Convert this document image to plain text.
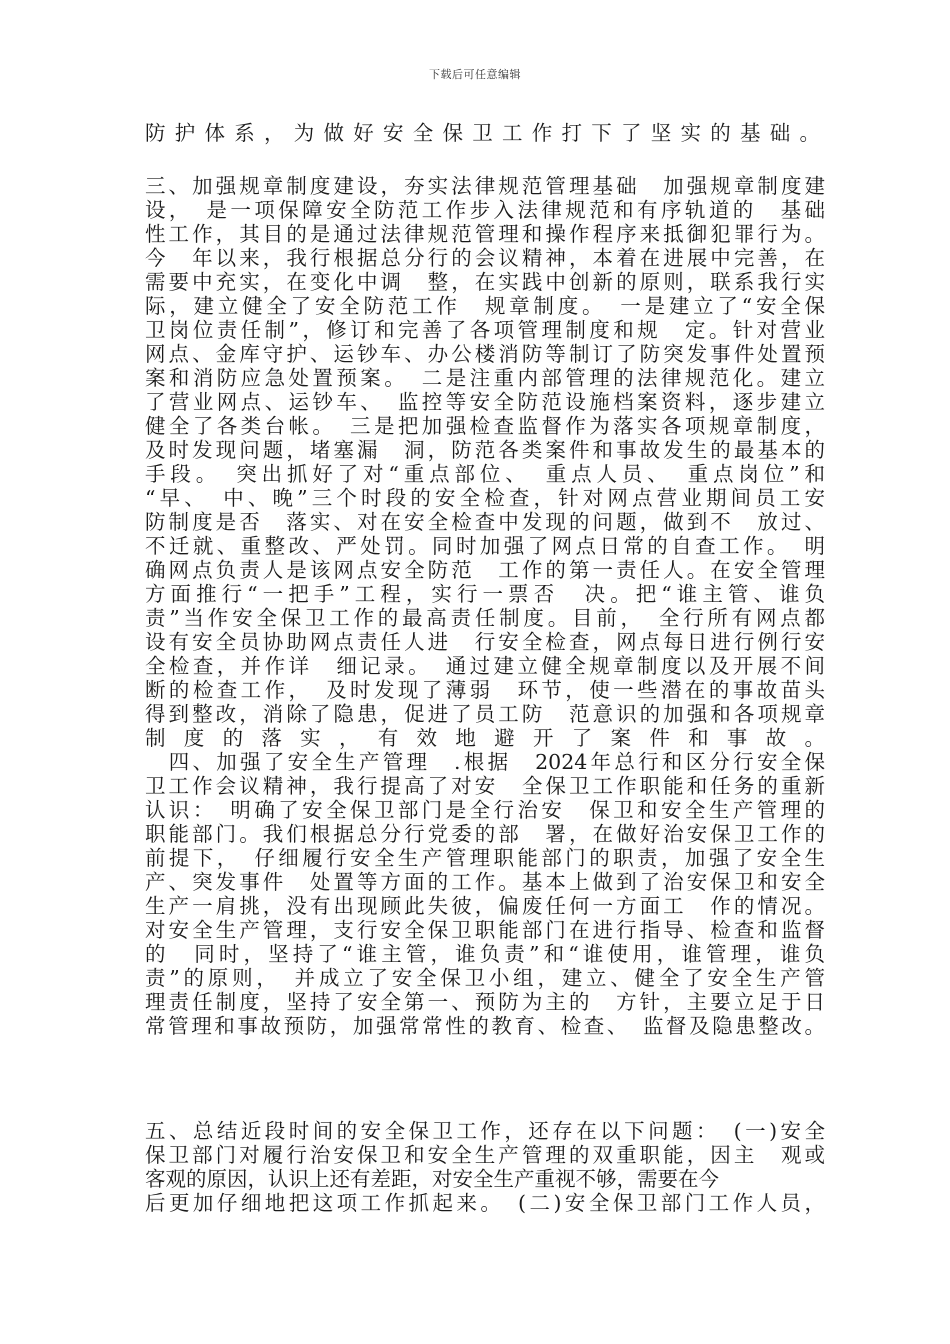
下载后可任意编辑
防护体系，为做好安全保卫工作打下了坚实的基础。
三、加强规章制度建设，夯实法律规范管理基础　加强规章制度建
设，　是一项保障安全防范工作步入法律规范和有序轨道的　基础
性工作，其目的是通过法律规范管理和操作程序来抵御犯罪行为。
今　年以来，我行根据总分行的会议精神，本着在进展中完善，在
需要中充实，在变化中调　整，在实践中创新的原则，联系我行实
际，建立健全了安全防范工作　规章制度。　一是建立了“安全保
卫岗位责任制”，修订和完善了各项管理制度和规　定。针对营业
网点、金库守护、运钞车、办公楼消防等制订了防突发事件处置预
案和消防应急处置预案。　二是注重内部管理的法律规范化。建立
了营业网点、运钞车、　监控等安全防范设施档案资料，逐步建立
健全了各类台帐。　三是把加强检查监督作为落实各项规章制度，
及时发现问题，堵塞漏　洞，防范各类案件和事故发生的最基本的
手段。　突出抓好了对“重点部位、　重点人员、　重点岗位”和
“早、　中、晚”三个时段的安全检查，针对网点营业期间员工安
防制度是否　落实、对在安全检查中发现的问题，做到不　放过、
不迁就、重整改、严处罚。同时加强了网点日常的自查工作。　明
确网点负责人是该网点安全防范　工作的第一责任人。在安全管理
方面推行“一把手”工程，实行一票否　决。把“谁主管、谁负
责”当作安全保卫工作的最高责任制度。目前，　全行所有网点都
设有安全员协助网点责任人进　行安全检查，网点每日进行例行安
全检查，并作详　细记录。　通过建立健全规章制度以及开展不间
断的检查工作，　及时发现了薄弱　环节，使一些潜在的事故苗头
得到整改，消除了隐患，促进了员工防　范意识的加强和各项规章
制度的落实，有效地避开了案件和事故。
　四、加强了安全生产管理　.根据　2024年总行和区分行安全保
卫工作会议精神，我行提高了对安　全保卫工作职能和任务的重新
认识：　明确了安全保卫部门是全行治安　保卫和安全生产管理的
职能部门。我们根据总分行党委的部　署，在做好治安保卫工作的
前提下，　仔细履行安全生产管理职能部门的职责，加强了安全生
产、突发事件　处置等方面的工作。基本上做到了治安保卫和安全
生产一肩挑，没有出现顾此失彼，偏废任何一方面工　作的情况。
对安全生产管理，支行安全保卫职能部门在进行指导、检查和监督
的　同时，坚持了“谁主管，谁负责”和“谁使用，谁管理，谁负
责”的原则，　并成立了安全保卫小组，建立、健全了安全生产管
理责任制度，坚持了安全第一、预防为主的　方针，主要立足于日
常管理和事故预防，加强常常性的教育、检查、　监督及隐患整改。
五、总结近段时间的安全保卫工作，还存在以下问题：　(一)安全
保卫部门对履行治安保卫和安全生产管理的双重职能，因主　观或
客观的原因，认识上还有差距，对安全生产重视不够，需要在今
后更加仔细地把这项工作抓起来。　(二)安全保卫部门工作人员，
